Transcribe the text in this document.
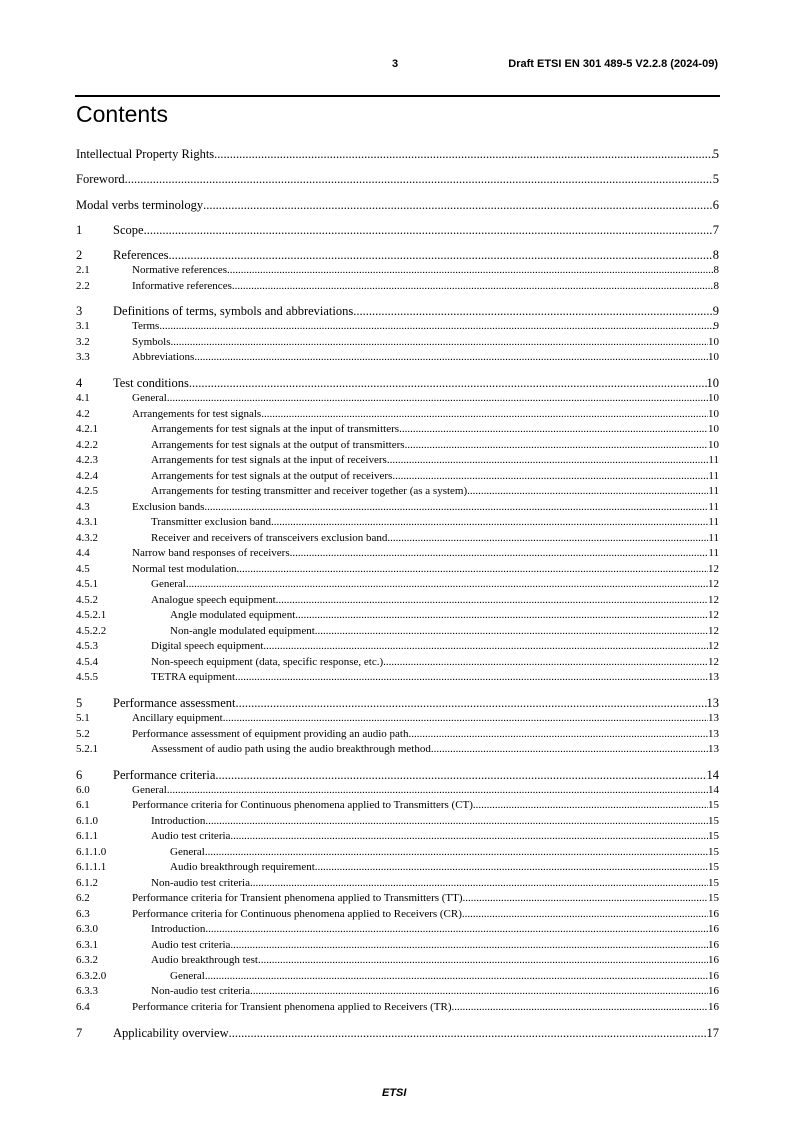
3	Draft ETSI EN 301 489-5 V2.2.8 (2024-09)
Contents
Intellectual Property Rights .....	5
Foreword .....	5
Modal verbs terminology .....	6
1	Scope .....	7
2	References .....	8
2.1	Normative references .....	8
2.2	Informative references .....	8
3	Definitions of terms, symbols and abbreviations .....	9
3.1	Terms .....	9
3.2	Symbols .....	10
3.3	Abbreviations .....	10
4	Test conditions .....	10
4.1	General .....	10
4.2	Arrangements for test signals .....	10
4.2.1	Arrangements for test signals at the input of transmitters .....	10
4.2.2	Arrangements for test signals at the output of transmitters .....	10
4.2.3	Arrangements for test signals at the input of receivers .....	11
4.2.4	Arrangements for test signals at the output of receivers .....	11
4.2.5	Arrangements for testing transmitter and receiver together (as a system) .....	11
4.3	Exclusion bands .....	11
4.3.1	Transmitter exclusion band .....	11
4.3.2	Receiver and receivers of transceivers exclusion band .....	11
4.4	Narrow band responses of receivers .....	11
4.5	Normal test modulation .....	12
4.5.1	General .....	12
4.5.2	Analogue speech equipment .....	12
4.5.2.1	Angle modulated equipment .....	12
4.5.2.2	Non-angle modulated equipment .....	12
4.5.3	Digital speech equipment .....	12
4.5.4	Non-speech equipment (data, specific response, etc.) .....	12
4.5.5	TETRA equipment .....	13
5	Performance assessment .....	13
5.1	Ancillary equipment .....	13
5.2	Performance assessment of equipment providing an audio path .....	13
5.2.1	Assessment of audio path using the audio breakthrough method .....	13
6	Performance criteria .....	14
6.0	General .....	14
6.1	Performance criteria for Continuous phenomena applied to Transmitters (CT) .....	15
6.1.0	Introduction .....	15
6.1.1	Audio test criteria .....	15
6.1.1.0	General .....	15
6.1.1.1	Audio breakthrough requirement .....	15
6.1.2	Non-audio test criteria .....	15
6.2	Performance criteria for Transient phenomena applied to Transmitters (TT) .....	15
6.3	Performance criteria for Continuous phenomena applied to Receivers (CR) .....	16
6.3.0	Introduction .....	16
6.3.1	Audio test criteria .....	16
6.3.2	Audio breakthrough test .....	16
6.3.2.0	General .....	16
6.3.3	Non-audio test criteria .....	16
6.4	Performance criteria for Transient phenomena applied to Receivers (TR) .....	16
7	Applicability overview .....	17
ETSI
